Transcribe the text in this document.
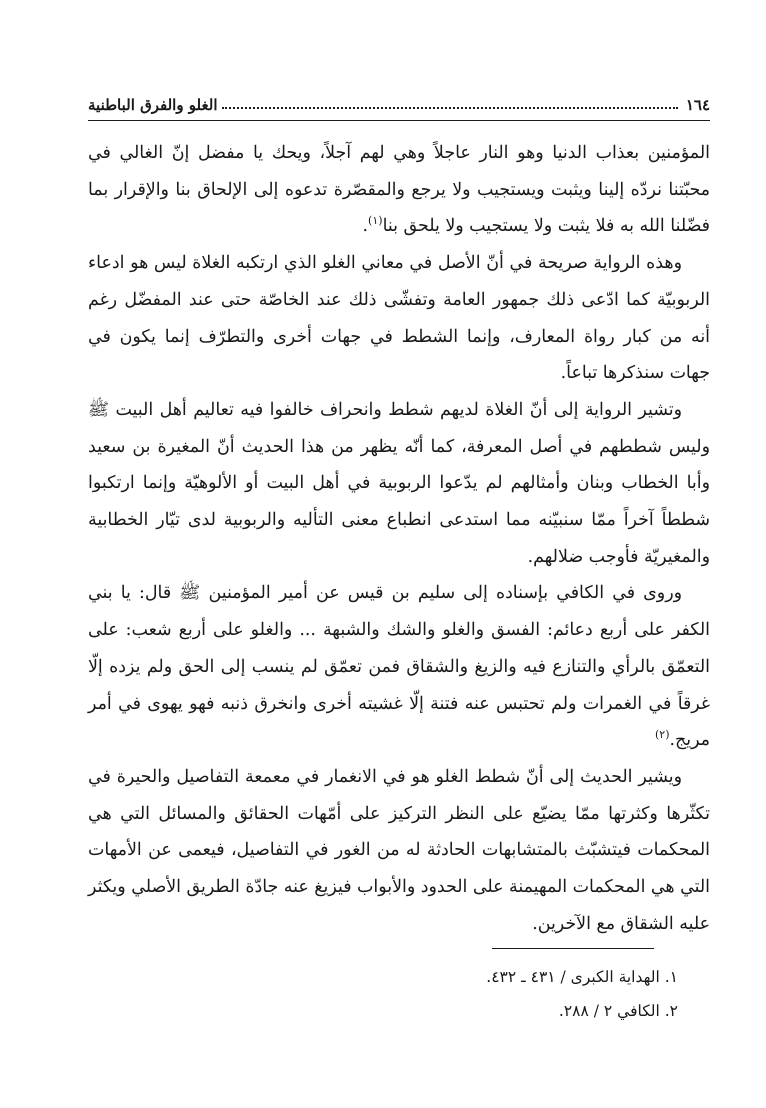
١٦٤
الغلو والفرق الباطنية

المؤمنين بعذاب الدنيا وهو النار عاجلاً وهي لهم آجلاً، ويحك يا مفضل إنّ الغالي في محبّتنا نردّه إلينا ويثبت ويستجيب ولا يرجع والمقصّرة تدعوه إلى الإلحاق بنا والإقرار بما فضّلنا الله به فلا يثبت ولا يستجيب ولا يلحق بنا$^{(١)}$.

وهذه الرواية صريحة في أنّ الأصل في معاني الغلو الذي ارتكبه الغلاة ليس هو ادعاء الربوبيّة كما ادّعى ذلك جمهور العامة وتفشّى ذلك عند الخاصّة حتى عند المفضّل رغم أنه من كبار رواة المعارف، وإنما الشطط في جهات أخرى والتطرّف إنما يكون في جهات سنذكرها تباعاً.

وتشير الرواية إلى أنّ الغلاة لديهم شطط وانحراف خالفوا فيه تعاليم أهل البيت ﷺ وليس شططهم في أصل المعرفة، كما أنّه يظهر من هذا الحديث أنّ المغيرة بن سعيد وأبا الخطاب وبنان وأمثالهم لم يدّعوا الربوبية في أهل البيت أو الألوهيّة وإنما ارتكبوا شططاً آخراً ممّا سنبيّنه مما استدعى انطباع معنى التأليه والربوبية لدى تيّار الخطابية والمغيريّة فأوجب ضلالهم.

وروى في الكافي بإسناده إلى سليم بن قيس عن أمير المؤمنين ﷺ قال: يا بني الكفر على أربع دعائم: الفسق والغلو والشك والشبهة ... والغلو على أربع شعب: على التعمّق بالرأي والتنازع فيه والزيغ والشقاق فمن تعمّق لم ينسب إلى الحق ولم يزده إلّا غرقاً في الغمرات ولم تحتبس عنه فتنة إلّا غشيته أخرى وانخرق ذنبه فهو يهوى في أمر مريج.$^{(٢)}$

ويشير الحديث إلى أنّ شطط الغلو هو في الانغمار في معمعة التفاصيل والحيرة في تكثّرها وكثرتها ممّا يضيّع على النظر التركيز على أمّهات الحقائق والمسائل التي هي المحكمات فيتشبّث بالمتشابهات الحادثة له من الغور في التفاصيل، فيعمى عن الأمهات التي هي المحكمات المهيمنة على الحدود والأبواب فيزيغ عنه جادّة الطريق الأصلي ويكثر عليه الشقاق مع الآخرين.

١. الهداية الكبرى / ٤٣١ ـ ٤٣٢.
٢. الكافي ٢ / ٢٨٨.
